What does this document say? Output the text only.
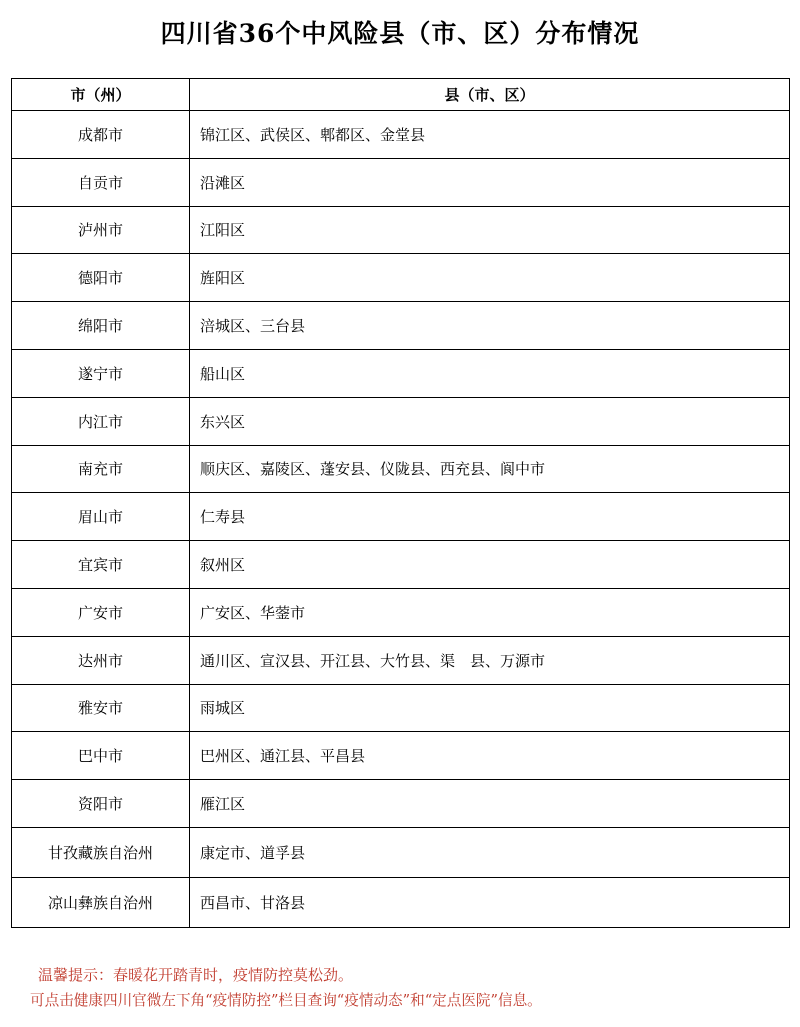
四川省36个中风险县（市、区）分布情况
市（州）	县（市、区）
成都市	锦江区、武侯区、郫都区、金堂县
自贡市	沿滩区
泸州市	江阳区
德阳市	旌阳区
绵阳市	涪城区、三台县
遂宁市	船山区
内江市	东兴区
南充市	顺庆区、嘉陵区、蓬安县、仪陇县、西充县、阆中市
眉山市	仁寿县
宜宾市	叙州区
广安市	广安区、华蓥市
达州市	通川区、宣汉县、开江县、大竹县、渠　县、万源市
雅安市	雨城区
巴中市	巴州区、通江县、平昌县
资阳市	雁江区
甘孜藏族自治州	康定市、道孚县
凉山彝族自治州	西昌市、甘洛县
温馨提示：春暖花开踏青时，疫情防控莫松劲。
可点击健康四川官微左下角“疫情防控”栏目查询“疫情动态”和“定点医院”信息。
